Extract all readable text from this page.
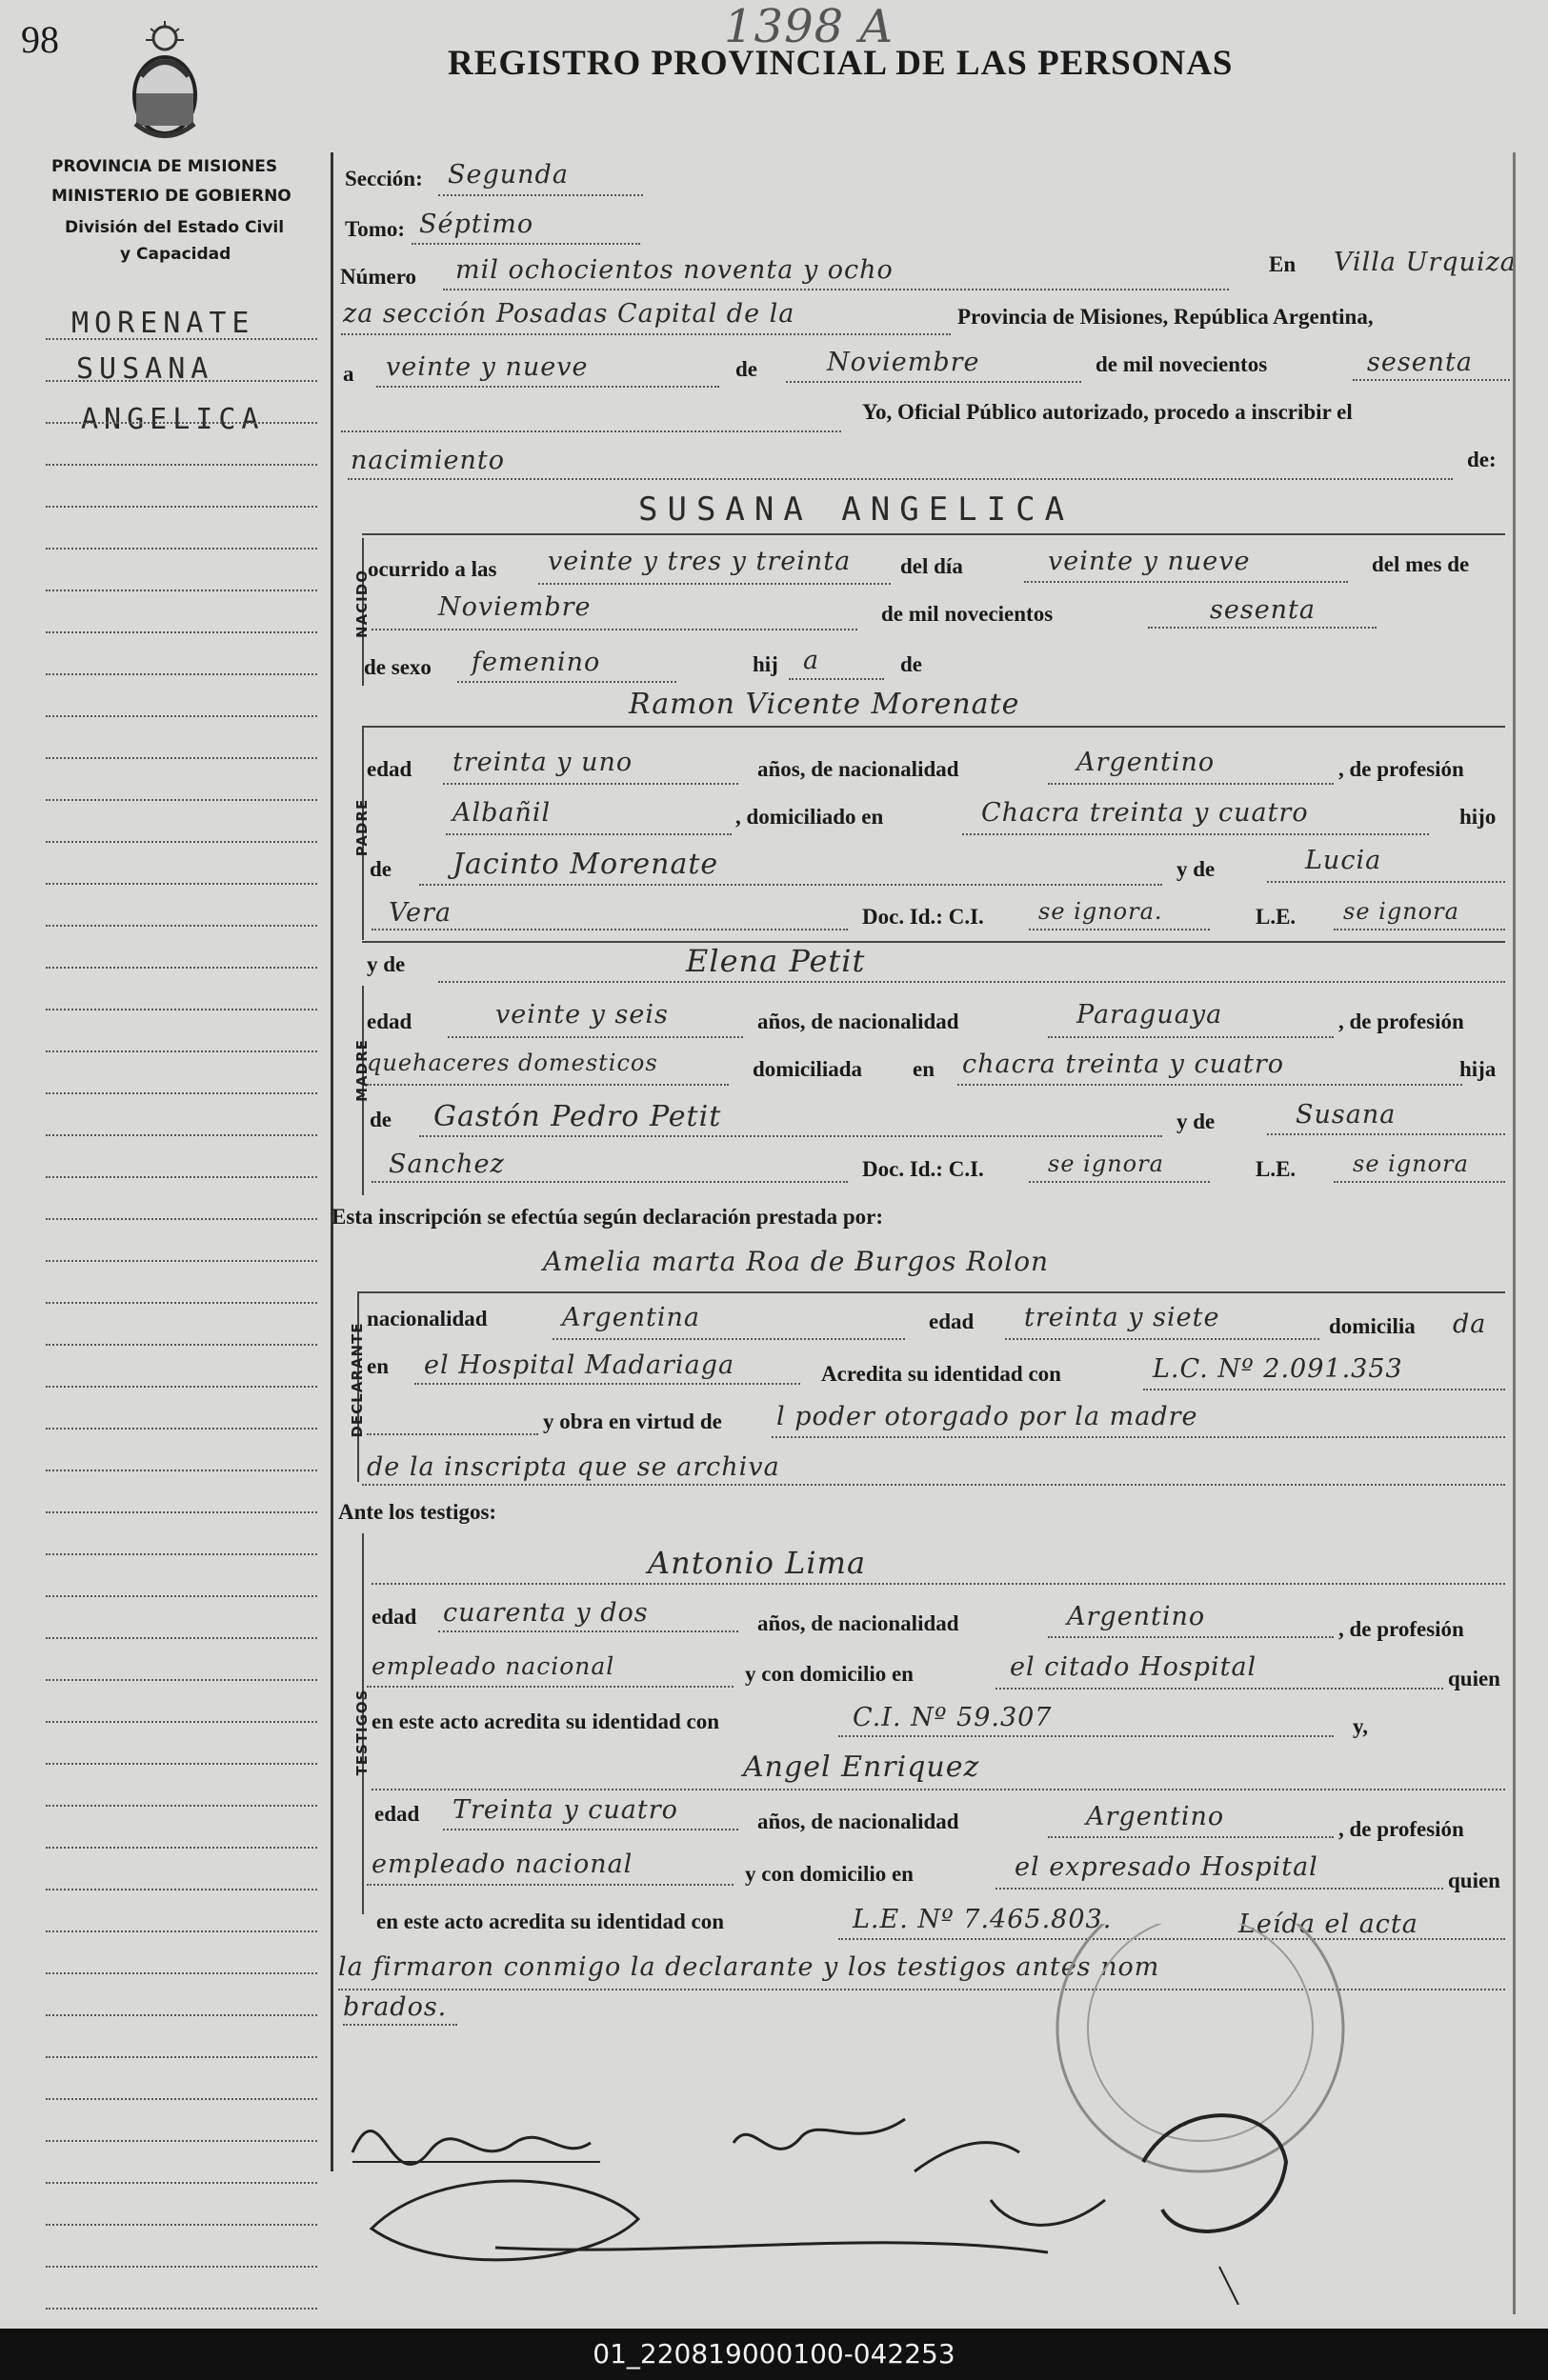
98	1398 A
REGISTRO PROVINCIAL DE LAS PERSONAS
PROVINCIA DE MISIONES
MINISTERIO DE GOBIERNO
División del Estado Civil
y Capacidad
MORENATE
SUSANA
ANGELICA
Sección: Segunda
Tomo: Séptimo
Número mil ochocientos noventa y ocho	En Villa Urquiza
za sección Posadas Capital de la	Provincia de Misiones, República Argentina,
a veinte y nueve	de	Noviembre	de mil novecientos	sesenta
Yo, Oficial Público autorizado, procedo a inscribir el
nacimiento	de:
NACIDO
SUSANA ANGELICA
ocurrido a las veinte y tres y treinta del día	veinte y nueve	del mes de
Noviembre	de mil novecientos	sesenta
de sexo femenino	hij a	de
Ramon Vicente Morenate
PADRE
edad treinta y uno	años, de nacionalidad	Argentino	, de profesión
Albañil	, domiciliado en	Chacra treinta y cuatro	hijo
de Jacinto Morenate	y de	Lucia
Vera	Doc. Id.: C.I. se ignora.	L.E. se ignora
y de	Elena Petit
MADRE
edad	veinte y seis	años, de nacionalidad	Paraguaya	, de profesión
quehaceres domesticos	domiciliada en chacra treinta y cuatro	hija
de Gastón Pedro Petit	y de	Susana
Sanchez	Doc. Id.: C.I.	se ignora	L.E. se ignora
Esta inscripción se efectúa según declaración prestada por:
Amelia marta Roa de Burgos Rolon
DECLARANTE
nacionalidad	Argentina	edad treinta y siete	domicilia da
en el Hospital Madariaga	Acredita su identidad con	L.C. Nº 2.091.353
y obra en virtud de l poder otorgado por la madre
de la inscripta que se archiva
Ante los testigos:
TESTIGOS
Antonio Lima
edad cuarenta y dos	años, de nacionalidad	Argentino	, de profesión
empleado nacional	y con domicilio en	el citado Hospital	quien
en este acto acredita su identidad con	C.I. Nº 59.307	y,
Angel Enriquez
edad Treinta y cuatro	años, de nacionalidad	Argentino	, de profesión
empleado nacional	y con domicilio en	el expresado Hospital	quien
en este acto acredita su identidad con	L.E. Nº 7.465.803.	Leída el acta
la firmaron conmigo la declarante y los testigos antes nom
brados.
01_220819000100-042253
